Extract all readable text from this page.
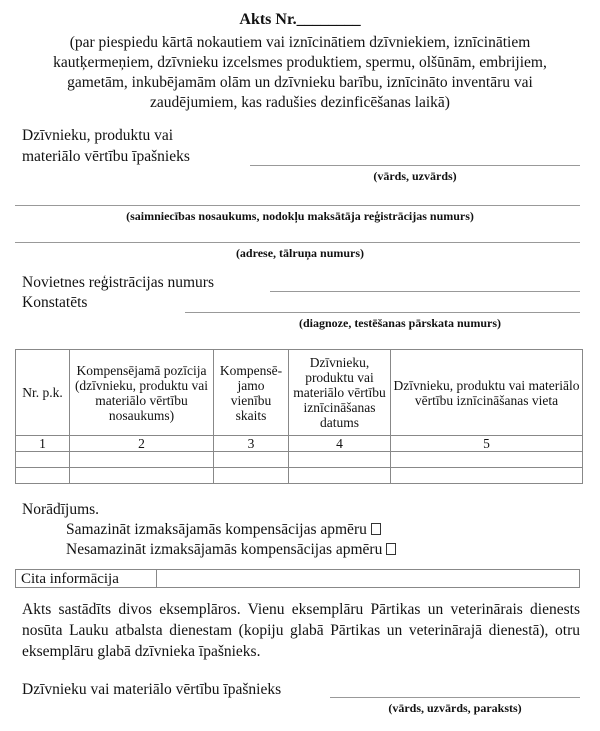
Akts Nr.________
(par piespiedu kārtā nokautiem vai iznīcinātiem dzīvniekiem, iznīcinātiem
kautķermeņiem, dzīvnieku izcelsmes produktiem, spermu, olšūnām, embrijiem,
gametām, inkubējamām olām un dzīvnieku barību, iznīcināto inventāru vai
zaudējumiem, kas radušies dezinficēšanas laikā)
Dzīvnieku, produktu vai
materiālo vērtību īpašnieks
(vārds, uzvārds)
(saimniecības nosaukums, nodokļu maksātāja reģistrācijas numurs)
(adrese, tālruņa numurs)
Novietnes reģistrācijas numurs
Konstatēts
(diagnoze, testēšanas pārskata numurs)
Nr. p.k.	Kompensējamā pozīcija (dzīvnieku, produktu vai materiālo vērtību nosaukums)	Kompensē-jamo vienību skaits	Dzīvnieku, produktu vai materiālo vērtību iznīcināšanas datums	Dzīvnieku, produktu vai materiālo vērtību iznīcināšanas vieta
1	2	3	4	5

Norādījums.
Samazināt izmaksājamās kompensācijas apmēru
Nesamazināt izmaksājamās kompensācijas apmēru
Cita informācija
Akts sastādīts divos eksemplāros. Vienu eksemplāru Pārtikas un veterinārais dienests nosūta Lauku atbalsta dienestam (kopiju glabā Pārtikas un veterinārajā dienestā), otru eksemplāru glabā dzīvnieka īpašnieks.
Dzīvnieku vai materiālo vērtību īpašnieks
(vārds, uzvārds, paraksts)
